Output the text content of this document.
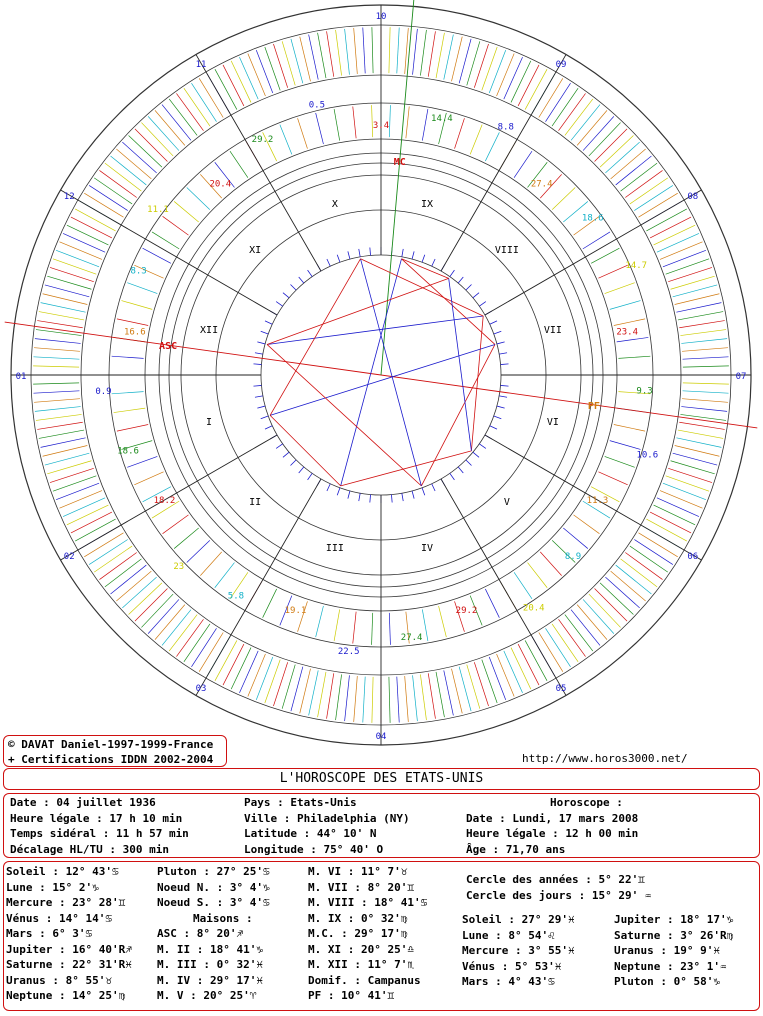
10
09
08
07
06
05
04
03
02
01
12
11
I
II
III	IV
V
VI
VII
VIII
IX
X
XI
XII
3.4
14.4
8.8
27.4
18.6
14.7
23.4
9.3
10.6
11.3
8.9
20.4
29.2
27.4
22.5
19.1
5.8
23
18.2
18.6
0.9
16.6
8.3
11.1
20.4
29.2
0.5
MC
ASC
PF
© DAVAT Daniel-1997-1999-France
+ Certifications IDDN 2002-2004	http://www.horos3000.net/
L'HOROSCOPE DES ETATS-UNIS
Date : 04 juillet 1936
Heure légale : 17 h 10 min
Temps sidéral : 11 h 57 min
Décalage HL/TU : 300 min
Pays : Etats-Unis
Ville : Philadelphia (NY)
Latitude : 44° 10' N
Longitude : 75° 40' O
Horoscope :
Date : Lundi, 17 mars 2008
Heure légale : 12 h 00 min
Âge : 71,70 ans
Soleil : 12° 43'♋
Lune : 15° 2'♑
Mercure : 23° 28'♊
Vénus : 14° 14'♋
Mars : 6° 3'♋
Jupiter : 16° 40'R♐
Saturne : 22° 31'R♓
Uranus : 8° 55'♉
Neptune : 14° 25'♍
Pluton : 27° 25'♋
Noeud N. : 3° 4'♑
Noeud S. : 3° 4'♋
Maisons :
ASC : 8° 20'♐
M. II : 18° 41'♑
M. III : 0° 32'♓
M. IV : 29° 17'♓
M. V : 20° 25'♈
M. VI : 11° 7'♉
M. VII : 8° 20'♊
M. VIII : 18° 41'♋
M. IX : 0° 32'♍
M.C. : 29° 17'♍
M. XI : 20° 25'♎
M. XII : 11° 7'♏
Domif. : Campanus
PF : 10° 41'♊
Cercle des années : 5° 22'♊
Cercle des jours : 15° 29' ♒
Soleil : 27° 29'♓
Lune : 8° 54'♌
Mercure : 3° 55'♓
Vénus : 5° 53'♓
Mars : 4° 43'♋
Jupiter : 18° 17'♑
Saturne : 3° 26'R♍
Uranus : 19° 9'♓
Neptune : 23° 1'♒
Pluton : 0° 58'♑
